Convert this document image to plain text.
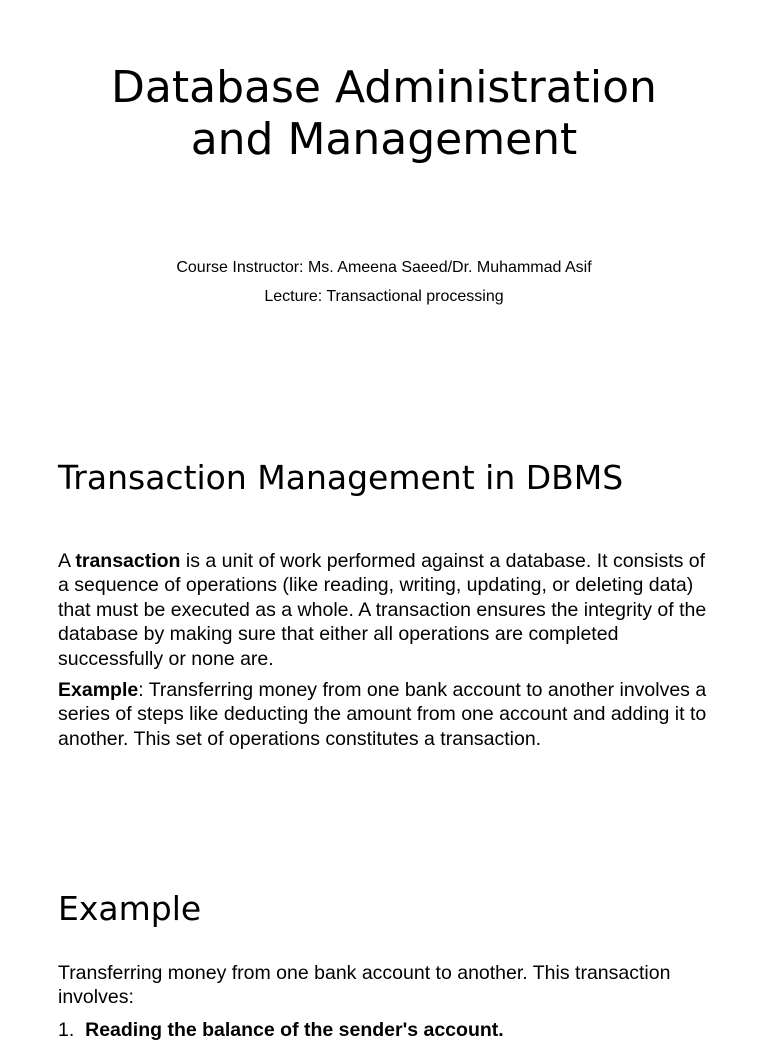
Database Administration and Management

Course Instructor: Ms. Ameena Saeed/Dr. Muhammad Asif

Lecture: Transactional processing

Transaction Management in DBMS

A transaction is a unit of work performed against a database. It consists of a sequence of operations (like reading, writing, updating, or deleting data) that must be executed as a whole. A transaction ensures the integrity of the database by making sure that either all operations are completed successfully or none are.

Example: Transferring money from one bank account to another involves a series of steps like deducting the amount from one account and adding it to another. This set of operations constitutes a transaction.

Example

Transferring money from one bank account to another. This transaction involves:

1. Reading the balance of the sender's account.
